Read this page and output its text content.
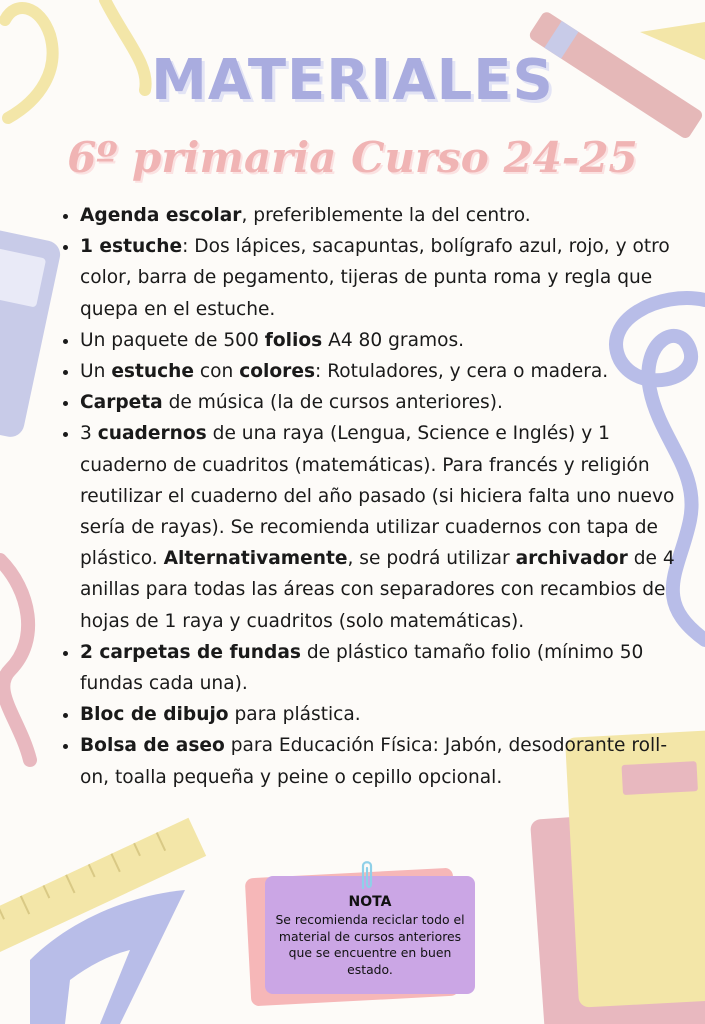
MATERIALES
6º primaria Curso 24-25
• Agenda escolar, preferiblemente la del centro.
• 1 estuche: Dos lápices, sacapuntas, bolígrafo azul, rojo, y otro color, barra de pegamento, tijeras de punta roma y regla que quepa en el estuche.
• Un paquete de 500 folios A4 80 gramos.
• Un estuche con colores: Rotuladores, y cera o madera.
• Carpeta de música (la de cursos anteriores).
• 3 cuadernos de una raya (Lengua, Science e Inglés) y 1 cuaderno de cuadritos (matemáticas). Para francés y religión reutilizar el cuaderno del año pasado (si hiciera falta uno nuevo sería de rayas). Se recomienda utilizar cuadernos con tapa de plástico. Alternativamente, se podrá utilizar archivador de 4 anillas para todas las áreas con separadores con recambios de hojas de 1 raya y cuadritos (solo matemáticas).
• 2 carpetas de fundas de plástico tamaño folio (mínimo 50 fundas cada una).
• Bloc de dibujo para plástica.
• Bolsa de aseo para Educación Física: Jabón, desodorante roll-on, toalla pequeña y peine o cepillo opcional.
NOTA
Se recomienda reciclar todo el material de cursos anteriores que se encuentre en buen estado.
